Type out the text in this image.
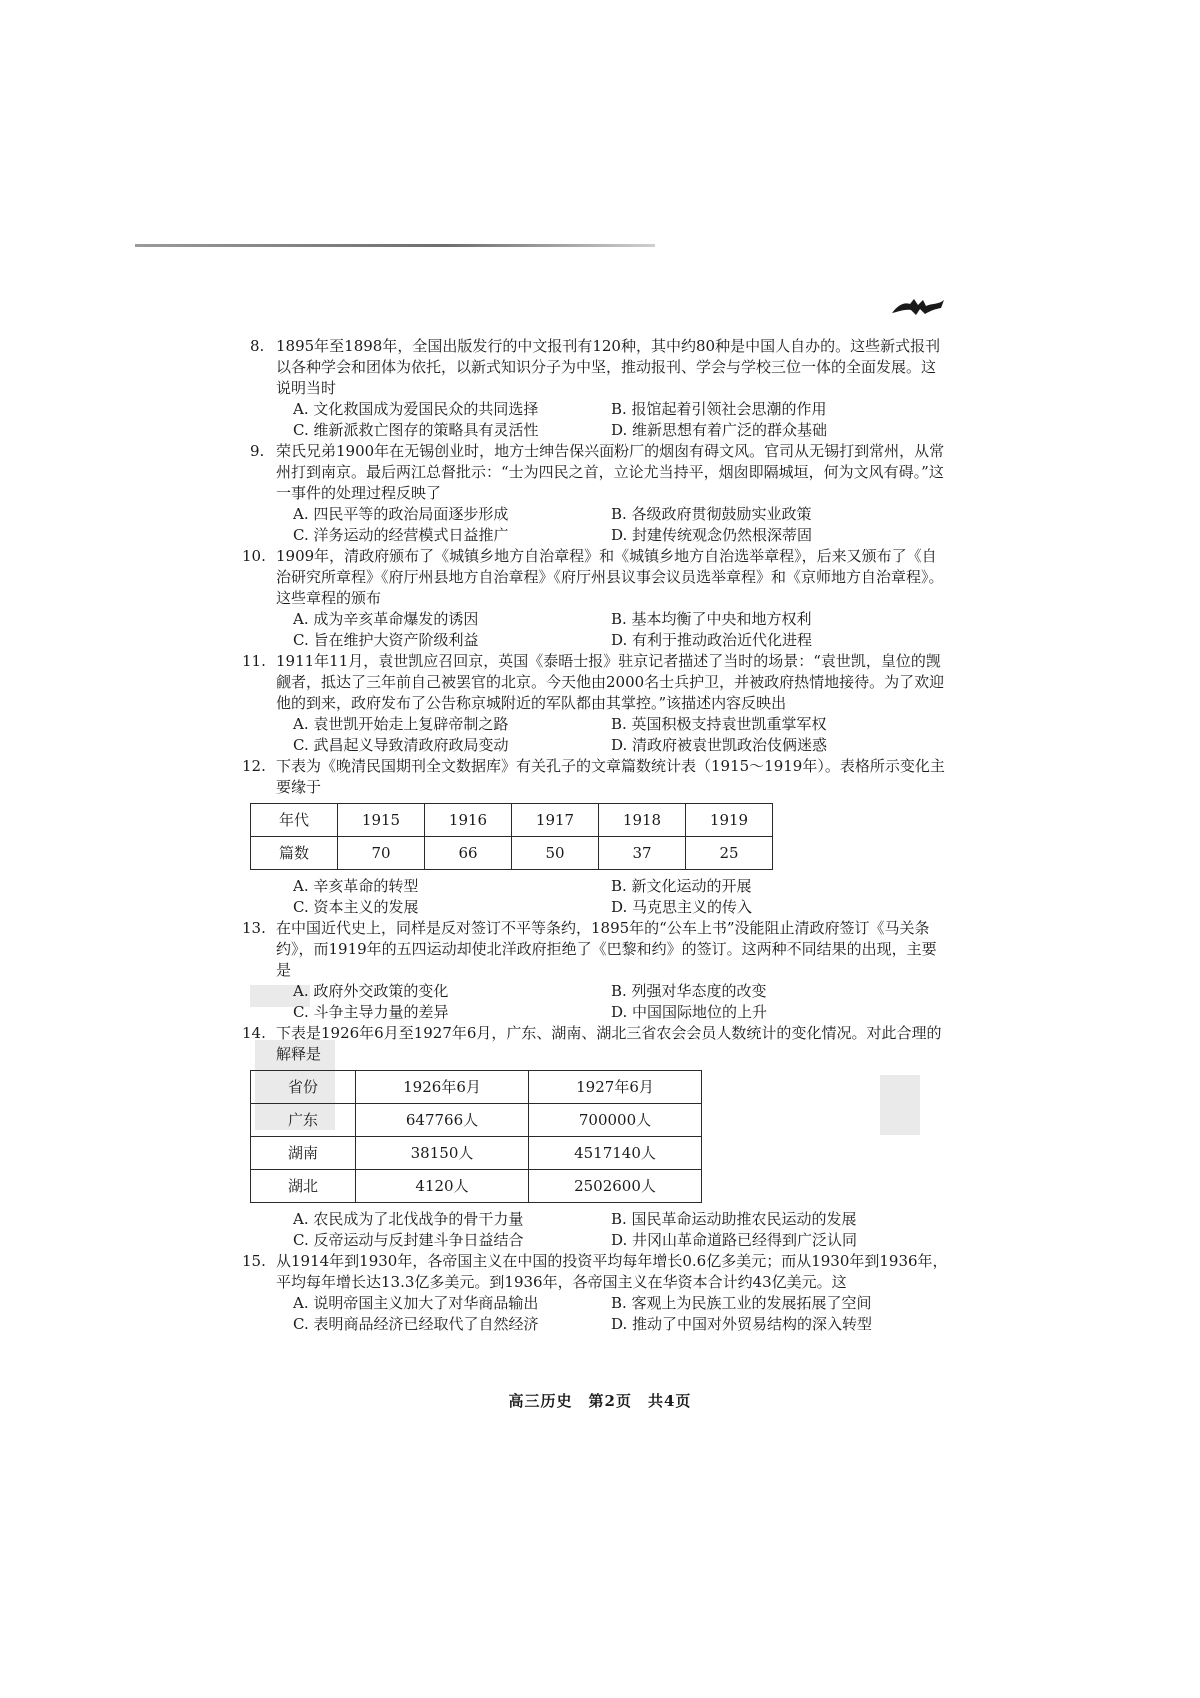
8. 1895年至1898年，全国出版发行的中文报刊有120种，其中约80种是中国人自办的。这些新式报刊以各种学会和团体为依托，以新式知识分子为中坚，推动报刊、学会与学校三位一体的全面发展。这说明当时
A. 文化救国成为爱国民众的共同选择	B. 报馆起着引领社会思潮的作用
C. 维新派救亡图存的策略具有灵活性	D. 维新思想有着广泛的群众基础
9. 荣氏兄弟1900年在无锡创业时，地方士绅告保兴面粉厂的烟囱有碍文风。官司从无锡打到常州，从常州打到南京。最后两江总督批示：“士为四民之首，立论尤当持平，烟囱即隔城垣，何为文风有碍。”这一事件的处理过程反映了
A. 四民平等的政治局面逐步形成	B. 各级政府贯彻鼓励实业政策
C. 洋务运动的经营模式日益推广	D. 封建传统观念仍然根深蒂固
10. 1909年，清政府颁布了《城镇乡地方自治章程》和《城镇乡地方自治选举章程》，后来又颁布了《自治研究所章程》《府厅州县地方自治章程》《府厅州县议事会议员选举章程》和《京师地方自治章程》。这些章程的颁布
A. 成为辛亥革命爆发的诱因	B. 基本均衡了中央和地方权利
C. 旨在维护大资产阶级利益	D. 有利于推动政治近代化进程
11. 1911年11月，袁世凯应召回京，英国《泰晤士报》驻京记者描述了当时的场景：“袁世凯，皇位的觊觎者，抵达了三年前自己被罢官的北京。今天他由2000名士兵护卫，并被政府热情地接待。为了欢迎他的到来，政府发布了公告称京城附近的军队都由其掌控。”该描述内容反映出
A. 袁世凯开始走上复辟帝制之路	B. 英国积极支持袁世凯重掌军权
C. 武昌起义导致清政府政局变动	D. 清政府被袁世凯政治伎俩迷惑
12. 下表为《晚清民国期刊全文数据库》有关孔子的文章篇数统计表（1915～1919年）。表格所示变化主要缘于
年代	1915	1916	1917	1918	1919
篇数	70	66	50	37	25
A. 辛亥革命的转型	B. 新文化运动的开展
C. 资本主义的发展	D. 马克思主义的传入
13. 在中国近代史上，同样是反对签订不平等条约，1895年的“公车上书”没能阻止清政府签订《马关条约》，而1919年的五四运动却使北洋政府拒绝了《巴黎和约》的签订。这两种不同结果的出现，主要是
A. 政府外交政策的变化	B. 列强对华态度的改变
C. 斗争主导力量的差异	D. 中国国际地位的上升
14. 下表是1926年6月至1927年6月，广东、湖南、湖北三省农会会员人数统计的变化情况。对此合理的解释是
省份	1926年6月	1927年6月
广东	647766人	700000人
湖南	38150人	4517140人
湖北	4120人	2502600人
A. 农民成为了北伐战争的骨干力量	B. 国民革命运动助推农民运动的发展
C. 反帝运动与反封建斗争日益结合	D. 井冈山革命道路已经得到广泛认同
15. 从1914年到1930年，各帝国主义在中国的投资平均每年增长0.6亿多美元；而从1930年到1936年，平均每年增长达13.3亿多美元。到1936年，各帝国主义在华资本合计约43亿美元。这
A. 说明帝国主义加大了对华商品输出	B. 客观上为民族工业的发展拓展了空间
C. 表明商品经济已经取代了自然经济	D. 推动了中国对外贸易结构的深入转型
高三历史　第2页　共4页
